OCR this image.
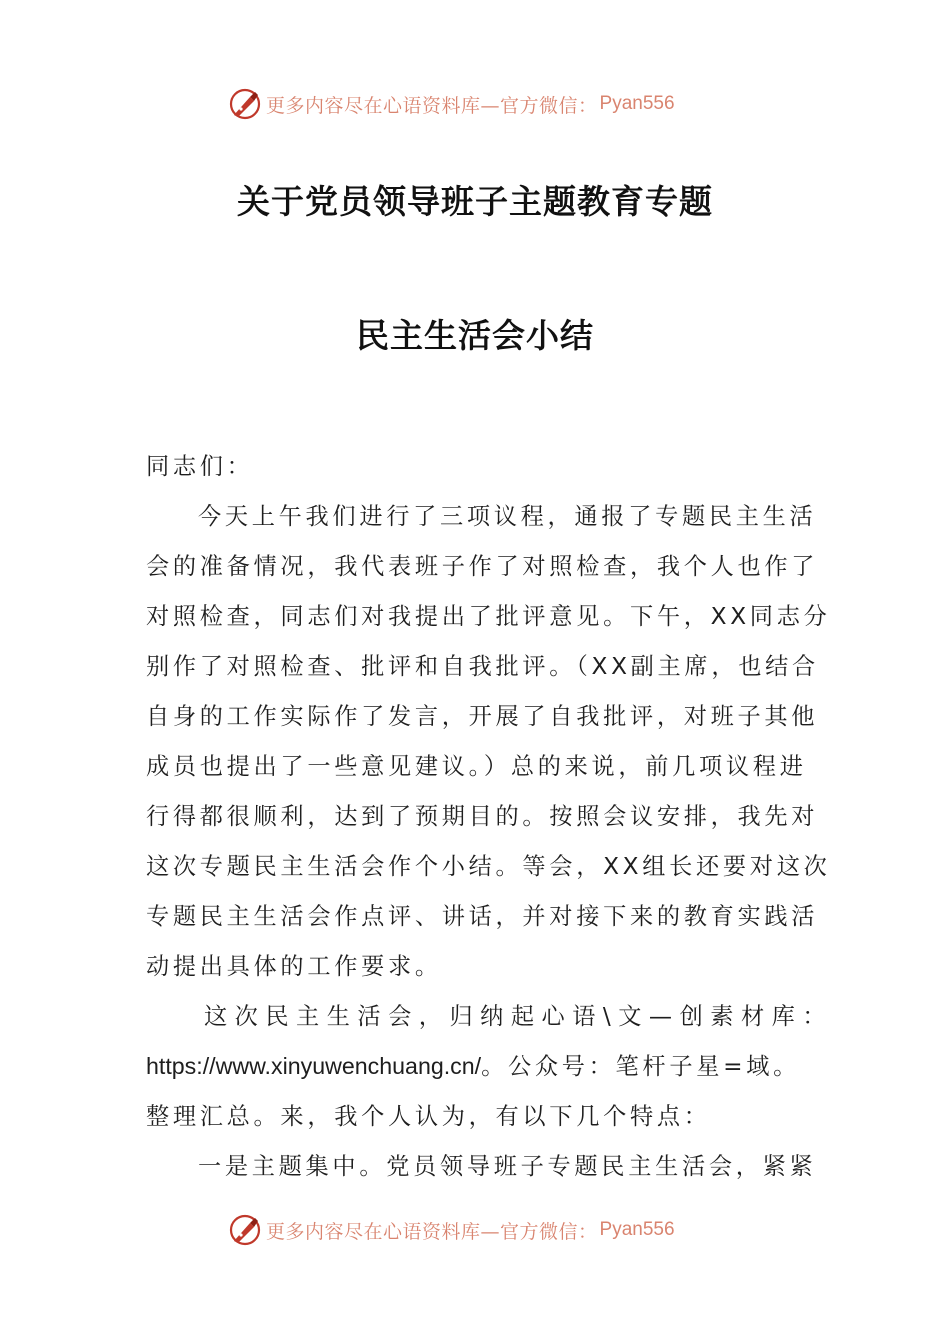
更多内容尽在心语资料库—官方微信： Pyan556
关于党员领导班子主题教育专题
民主生活会小结
同志们：
今天上午我们进行了三项议程，通报了专题民主生活
会的准备情况，我代表班子作了对照检查，我个人也作了
对照检查，同志们对我提出了批评意见。下午，XX同志分
别作了对照检查、批评和自我批评。（XX副主席，也结合
自身的工作实际作了发言，开展了自我批评，对班子其他
成员也提出了一些意见建议。）总的来说，前几项议程进
行得都很顺利，达到了预期目的。按照会议安排，我先对
这次专题民主生活会作个小结。等会，XX组长还要对这次
专题民主生活会作点评、讲话，并对接下来的教育实践活
动提出具体的工作要求。
这次民主生活会，归纳起心语\文—创素材库：
https://www.xinyuwenchuang.cn/。公众号：笔杆子星=域。
整理汇总。来，我个人认为，有以下几个特点：
一是主题集中。党员领导班子专题民主生活会，紧紧
更多内容尽在心语资料库—官方微信： Pyan556
